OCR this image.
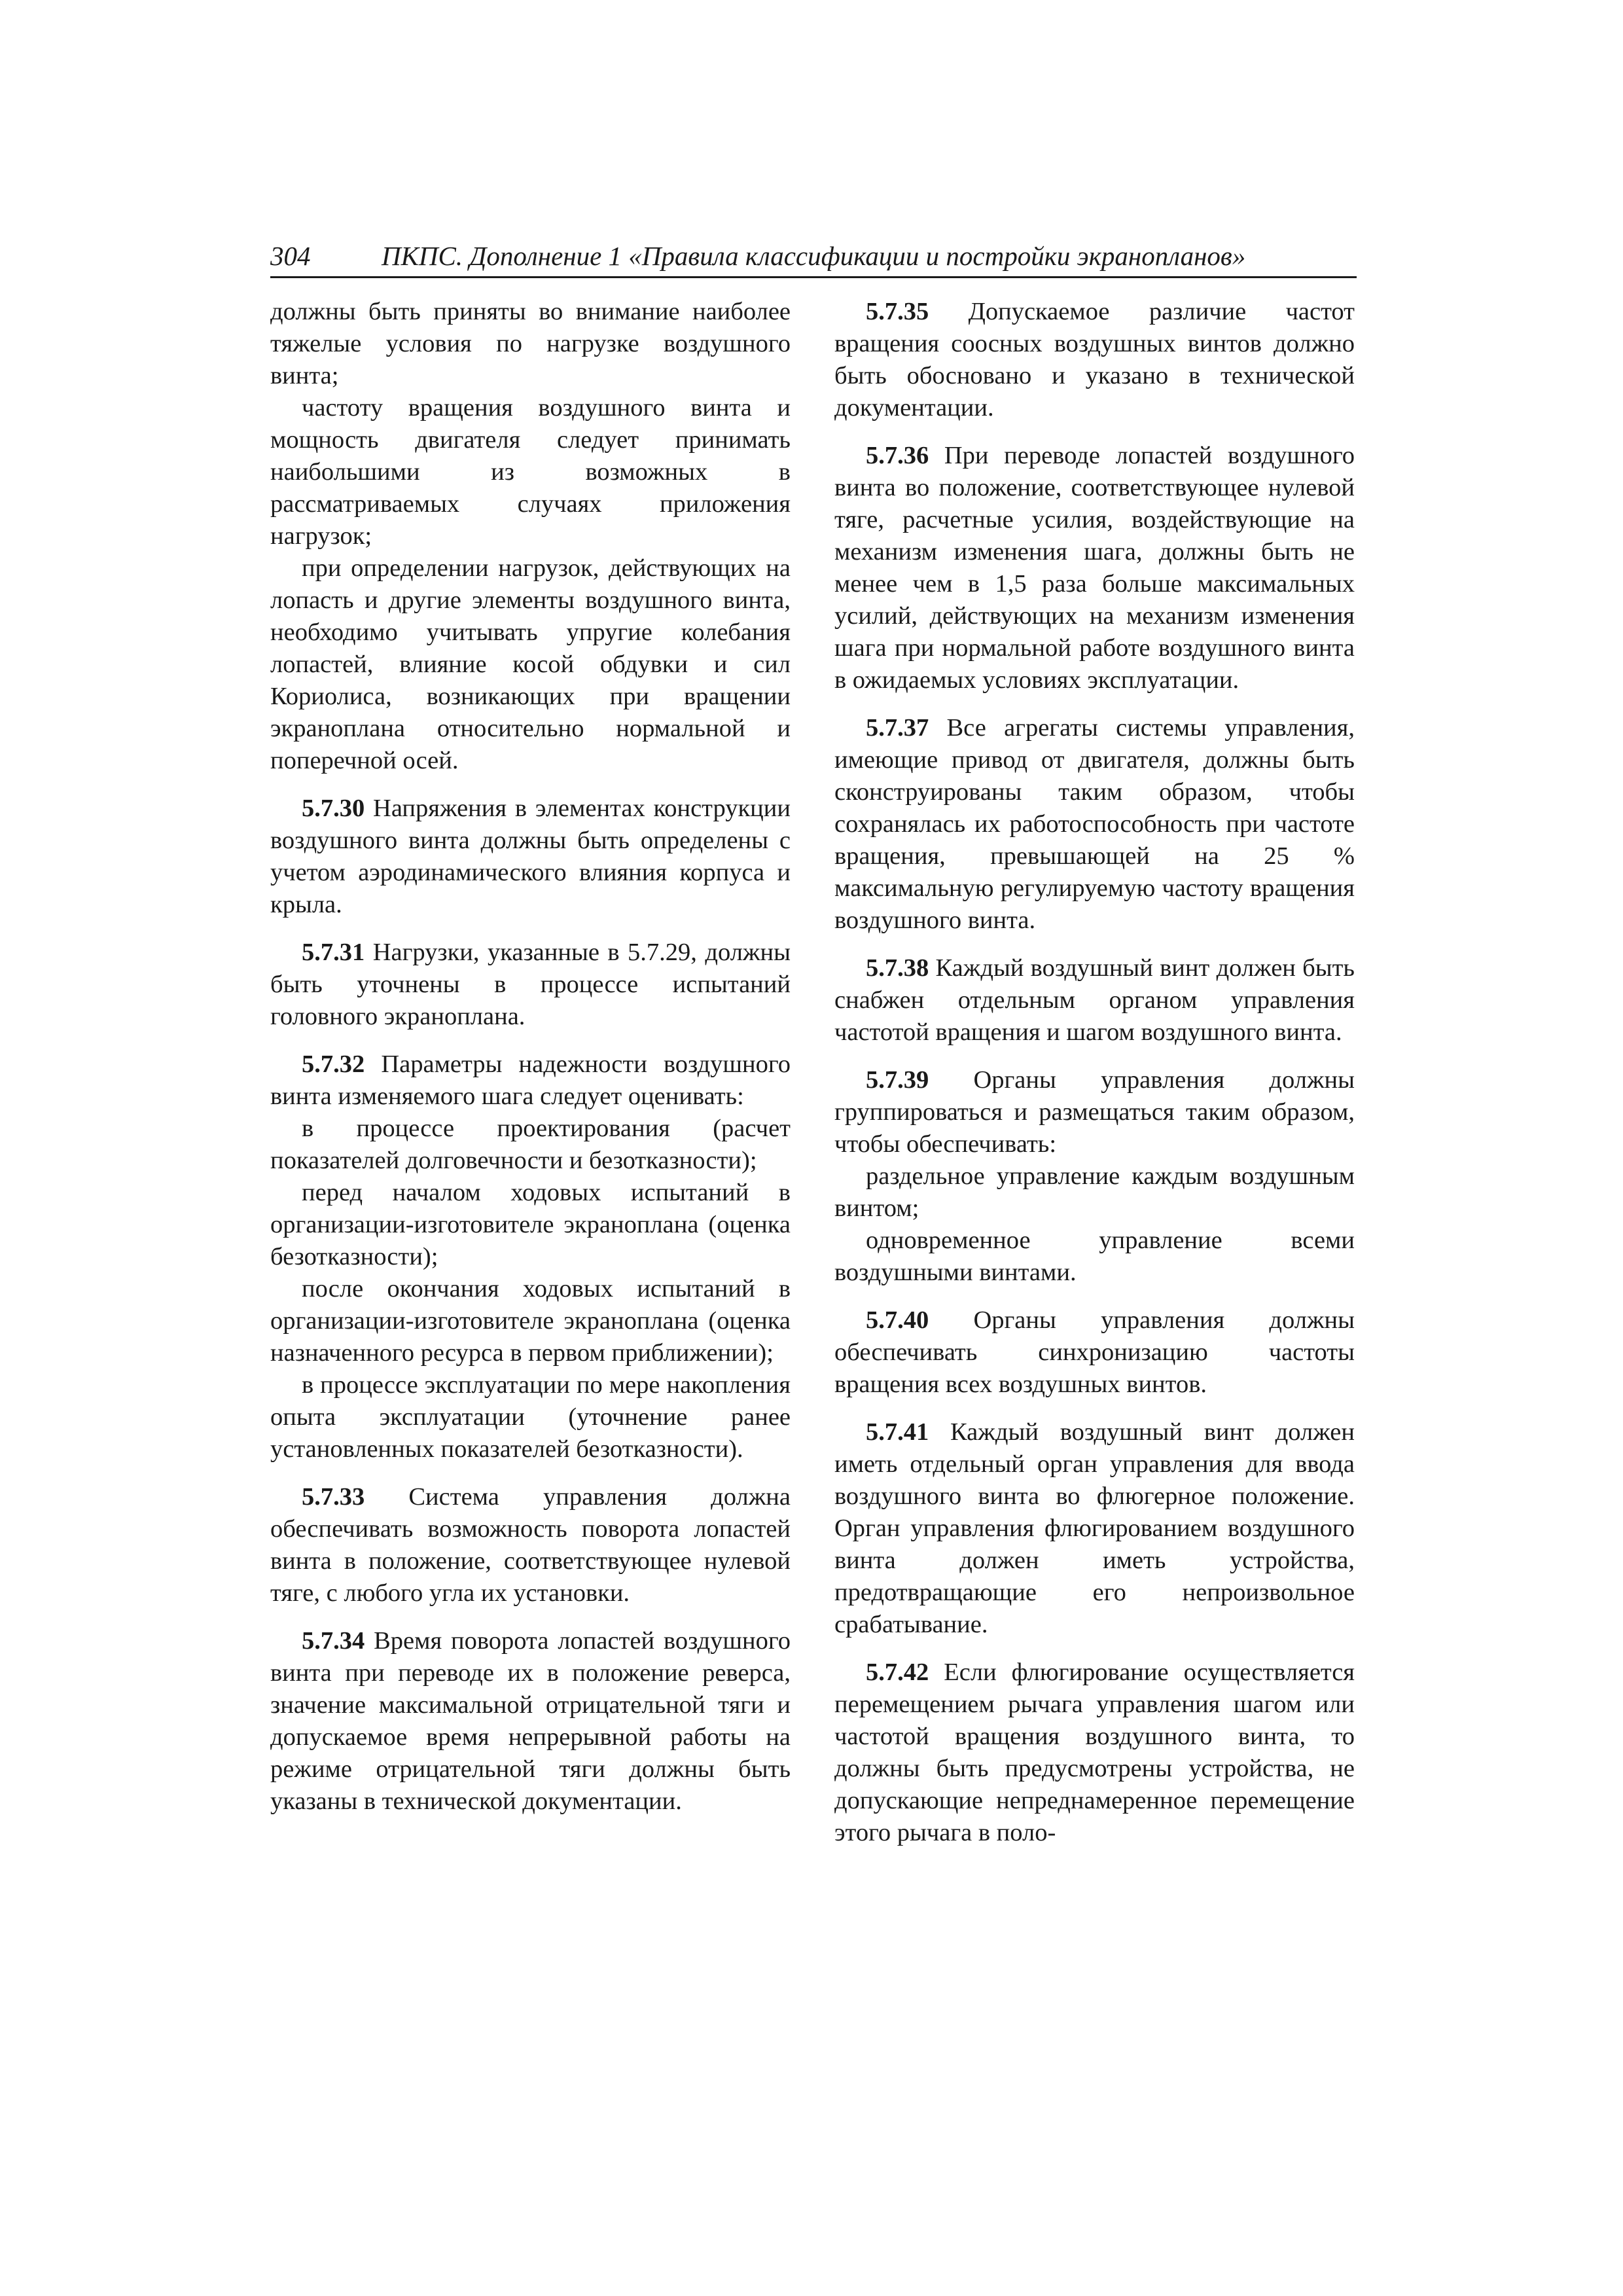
304	ПКПС. Дополнение 1 «Правила классификации и постройки экранопланов»

должны быть приняты во внимание наиболее тяжелые условия по нагрузке воздушного винта;

частоту вращения воздушного винта и мощность двигателя следует принимать наибольшими из возможных в рассматриваемых случаях приложения нагрузок;

при определении нагрузок, действующих на лопасть и другие элементы воздушного винта, необходимо учитывать упругие колебания лопастей, влияние косой обдувки и сил Кориолиса, возникающих при вращении экраноплана относительно нормальной и поперечной осей.

5.7.30 Напряжения в элементах конструкции воздушного винта должны быть определены с учетом аэродинамического влияния корпуса и крыла.

5.7.31 Нагрузки, указанные в 5.7.29, должны быть уточнены в процессе испытаний головного экраноплана.

5.7.32 Параметры надежности воздушного винта изменяемого шага следует оценивать:

в процессе проектирования (расчет показателей долговечности и безотказности);

перед началом ходовых испытаний в организации-изготовителе экраноплана (оценка безотказности);

после окончания ходовых испытаний в организации-изготовителе экраноплана (оценка назначенного ресурса в первом приближении);

в процессе эксплуатации по мере накопления опыта эксплуатации (уточнение ранее установленных показателей безотказности).

5.7.33 Система управления должна обеспечивать возможность поворота лопастей винта в положение, соответствующее нулевой тяге, с любого угла их установки.

5.7.34 Время поворота лопастей воздушного винта при переводе их в положение реверса, значение максимальной отрицательной тяги и допускаемое время непрерывной работы на режиме отрицательной тяги должны быть указаны в технической документации.

5.7.35 Допускаемое различие частот вращения соосных воздушных винтов должно быть обосновано и указано в технической документации.

5.7.36 При переводе лопастей воздушного винта во положение, соответствующее нулевой тяге, расчетные усилия, воздействующие на механизм изменения шага, должны быть не менее чем в 1,5 раза больше максимальных усилий, действующих на механизм изменения шага при нормальной работе воздушного винта в ожидаемых условиях эксплуатации.

5.7.37 Все агрегаты системы управления, имеющие привод от двигателя, должны быть сконструированы таким образом, чтобы сохранялась их работоспособность при частоте вращения, превышающей на 25 % максимальную регулируемую частоту вращения воздушного винта.

5.7.38 Каждый воздушный винт должен быть снабжен отдельным органом управления частотой вращения и шагом воздушного винта.

5.7.39 Органы управления должны группироваться и размещаться таким образом, чтобы обеспечивать:

раздельное управление каждым воздушным винтом;

одновременное управление всеми воздушными винтами.

5.7.40 Органы управления должны обеспечивать синхронизацию частоты вращения всех воздушных винтов.

5.7.41 Каждый воздушный винт должен иметь отдельный орган управления для ввода воздушного винта во флюгерное положение. Орган управления флюгированием воздушного винта должен иметь устройства, предотвращающие его непроизвольное срабатывание.

5.7.42 Если флюгирование осуществляется перемещением рычага управления шагом или частотой вращения воздушного винта, то должны быть предусмотрены устройства, не допускающие непреднамеренное перемещение этого рычага в поло-
